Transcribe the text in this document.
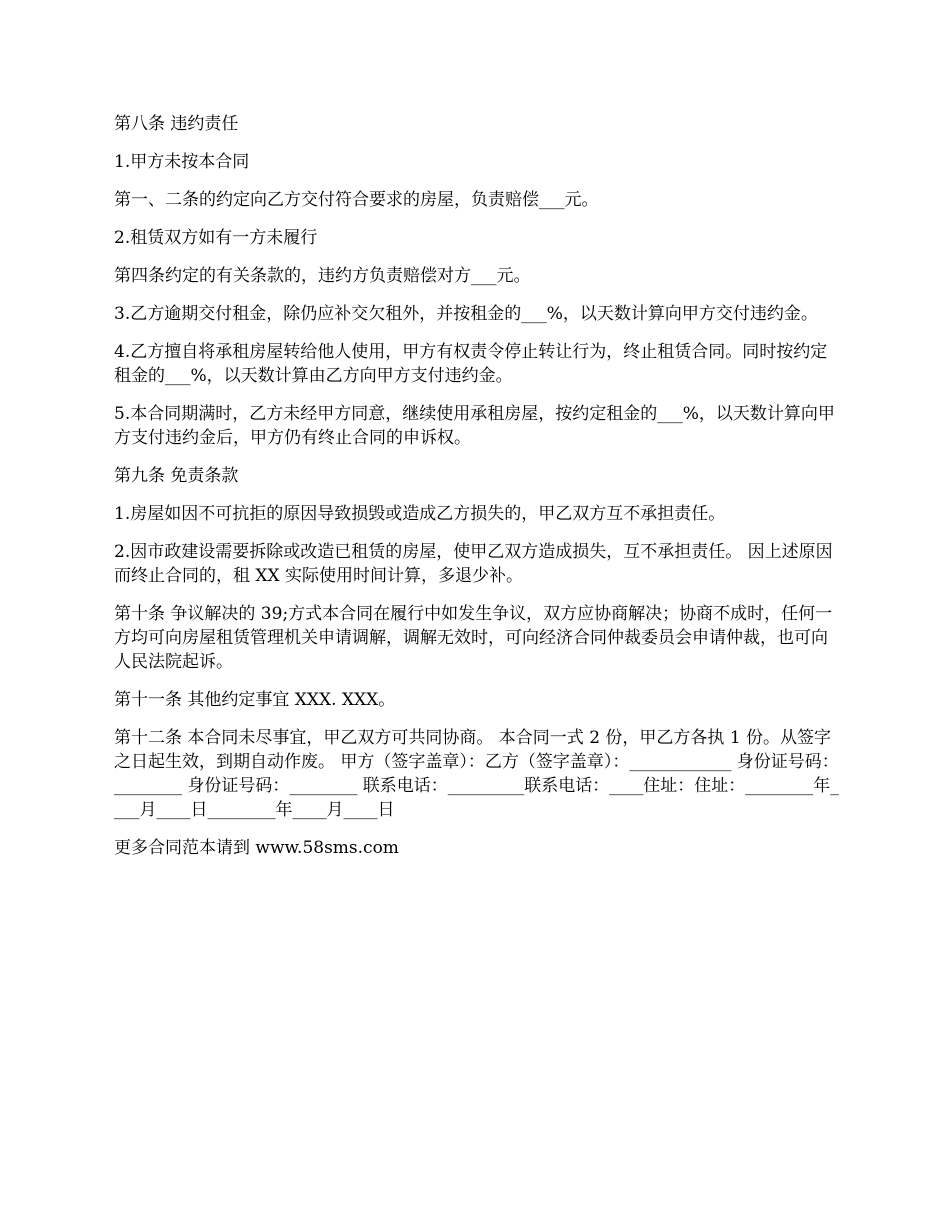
第八条 违约责任

1.甲方未按本合同

第一、二条的约定向乙方交付符合要求的房屋，负责赔偿___元。

2.租赁双方如有一方未履行

第四条约定的有关条款的，违约方负责赔偿对方___元。

3.乙方逾期交付租金，除仍应补交欠租外，并按租金的___%，以天数计算向甲方交付违约金。

4.乙方擅自将承租房屋转给他人使用，甲方有权责令停止转让行为，终止租赁合同。同时按约定租金的___%，以天数计算由乙方向甲方支付违约金。

5.本合同期满时，乙方未经甲方同意，继续使用承租房屋，按约定租金的___%，以天数计算向甲方支付违约金后，甲方仍有终止合同的申诉权。

第九条 免责条款

1.房屋如因不可抗拒的原因导致损毁或造成乙方损失的，甲乙双方互不承担责任。

2.因市政建设需要拆除或改造已租赁的房屋，使甲乙双方造成损失，互不承担责任。 因上述原因而终止合同的，租 XX 实际使用时间计算，多退少补。

第十条 争议解决的 39;方式本合同在履行中如发生争议，双方应协商解决；协商不成时，任何一方均可向房屋租赁管理机关申请调解，调解无效时，可向经济合同仲裁委员会申请仲裁，也可向人民法院起诉。

第十一条 其他约定事宜 XXX. XXX。

第十二条 本合同未尽事宜，甲乙双方可共同协商。 本合同一式 2 份，甲乙方各执 1 份。从签字之日起生效，到期自动作废。 甲方（签字盖章）：乙方（签字盖章）：____________ 身份证号码：________ 身份证号码：________ 联系电话：_________联系电话：____住址：住址：________年____月____日________年____月____日

更多合同范本请到 www.58sms.com
